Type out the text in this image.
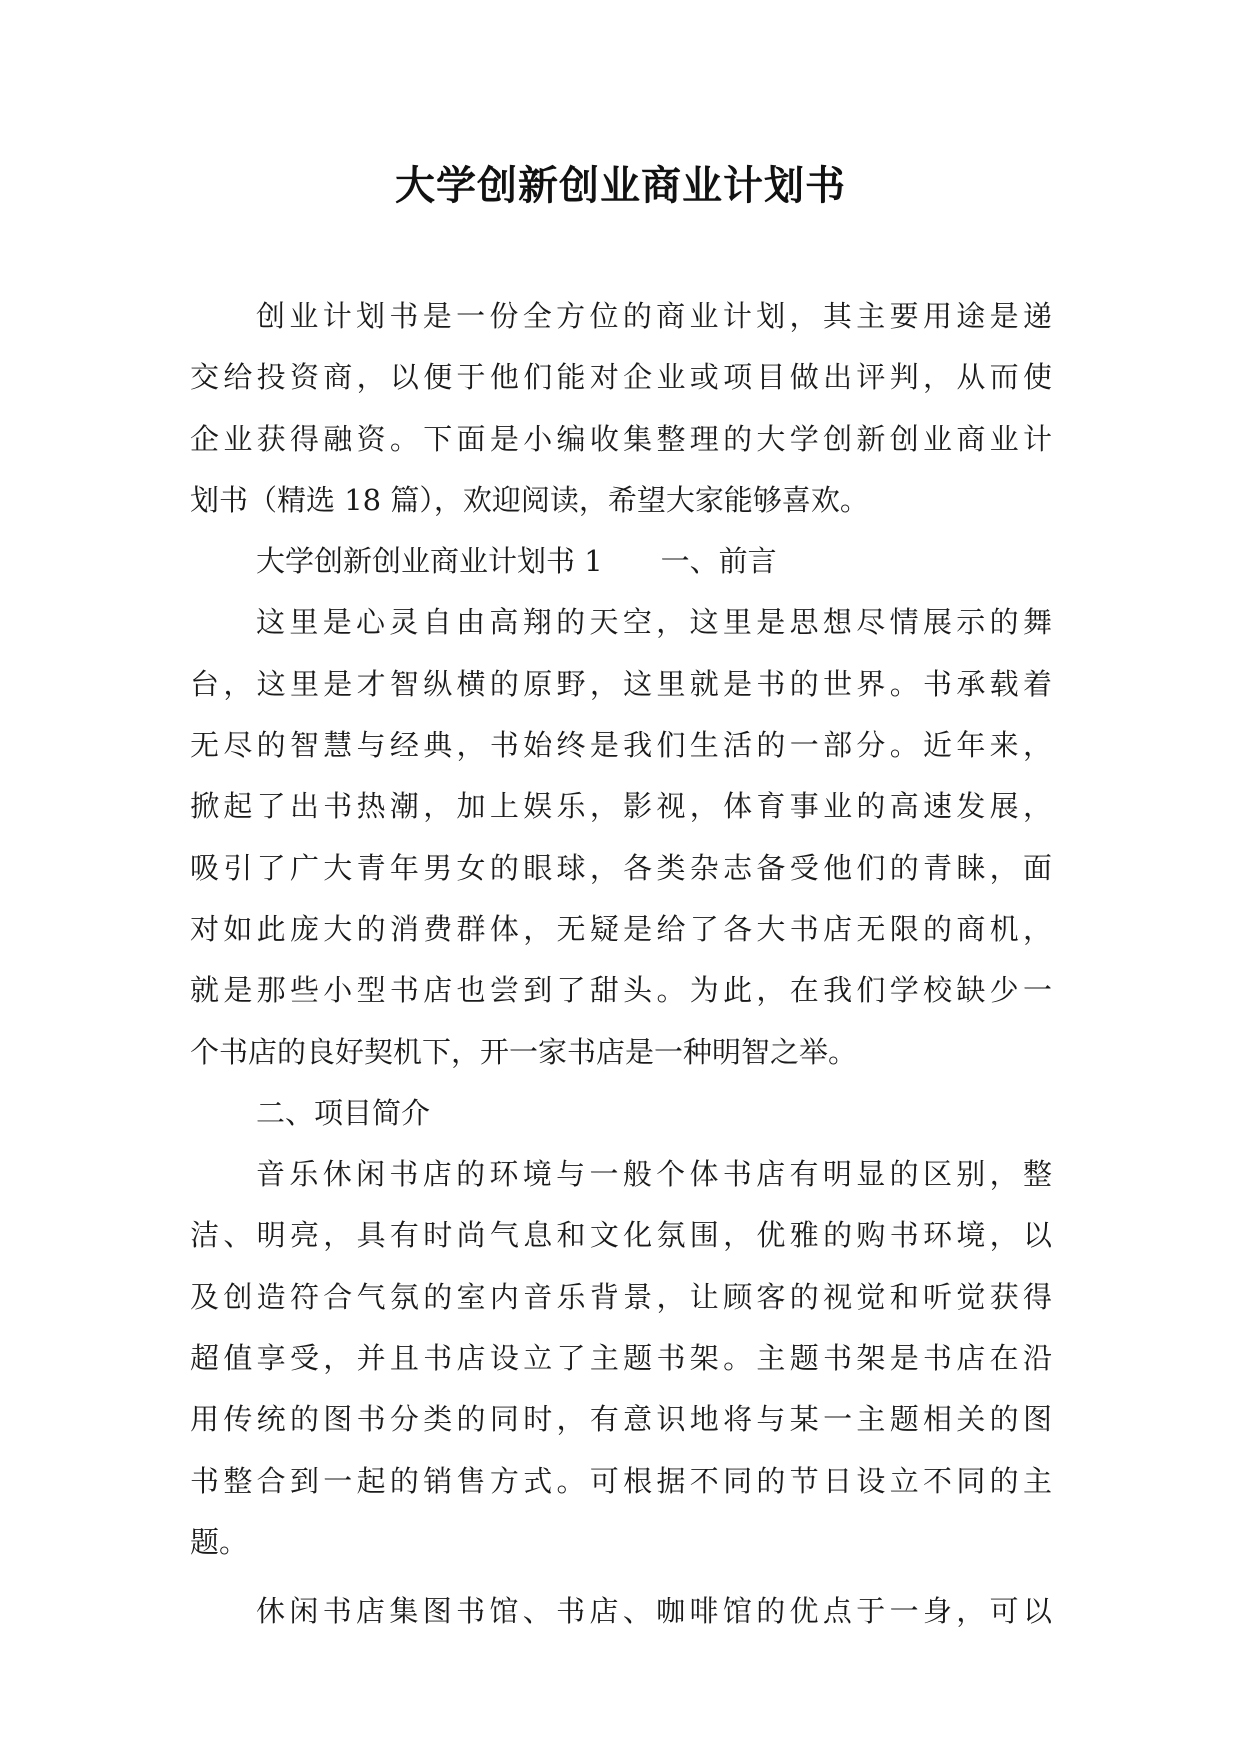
大学创新创业商业计划书
创业计划书是一份全方位的商业计划，其主要用途是递
交给投资商，以便于他们能对企业或项目做出评判，从而使
企业获得融资。下面是小编收集整理的大学创新创业商业计
划书（精选 18 篇），欢迎阅读，希望大家能够喜欢。
大学创新创业商业计划书 1　　一、前言
这里是心灵自由高翔的天空，这里是思想尽情展示的舞
台，这里是才智纵横的原野，这里就是书的世界。书承载着
无尽的智慧与经典，书始终是我们生活的一部分。近年来，
掀起了出书热潮，加上娱乐，影视，体育事业的高速发展，
吸引了广大青年男女的眼球，各类杂志备受他们的青睐，面
对如此庞大的消费群体，无疑是给了各大书店无限的商机，
就是那些小型书店也尝到了甜头。为此，在我们学校缺少一
个书店的良好契机下，开一家书店是一种明智之举。
二、项目简介
音乐休闲书店的环境与一般个体书店有明显的区别，整
洁、明亮，具有时尚气息和文化氛围，优雅的购书环境，以
及创造符合气氛的室内音乐背景，让顾客的视觉和听觉获得
超值享受，并且书店设立了主题书架。主题书架是书店在沿
用传统的图书分类的同时，有意识地将与某一主题相关的图
书整合到一起的销售方式。可根据不同的节日设立不同的主
题。
休闲书店集图书馆、书店、咖啡馆的优点于一身，可以
